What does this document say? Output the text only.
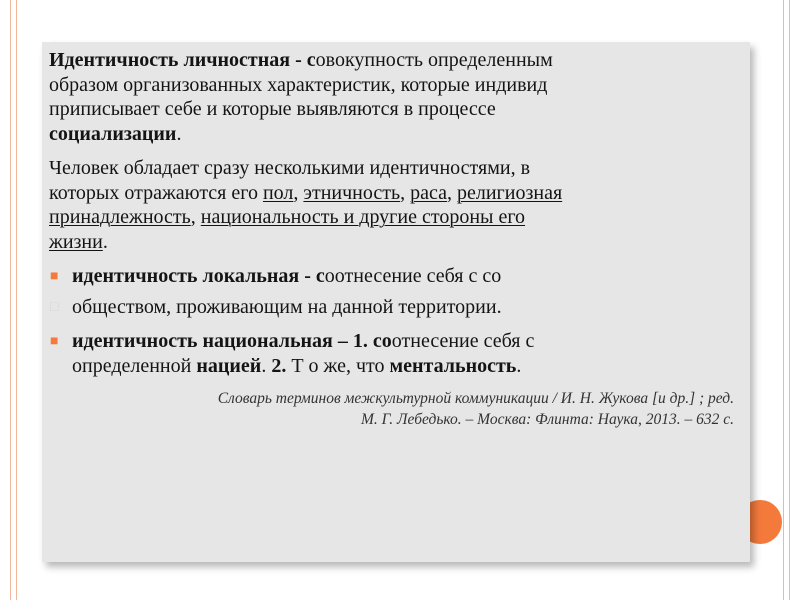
Идентичность личностная - совокупность определенным
образом организованных характеристик, которые индивид
приписывает себе и которые выявляются в процессе
социализации.

Человек обладает сразу несколькими идентичностями, в
которых отражаются его пол, этничность, раса, религиозная
принадлежность, национальность и другие стороны его
жизни.

■ идентичность локальная - соотнесение себя с со
□ обществом, проживающим на данной территории.
■ идентичность национальная – 1. соотнесение себя с
определенной нацией. 2. Т о же, что ментальность.
Словарь терминов межкультурной коммуникации / И. Н. Жукова [и др.] ; ред.
М. Г. Лебедько. – Москва: Флинта: Наука, 2013. – 632 с.
